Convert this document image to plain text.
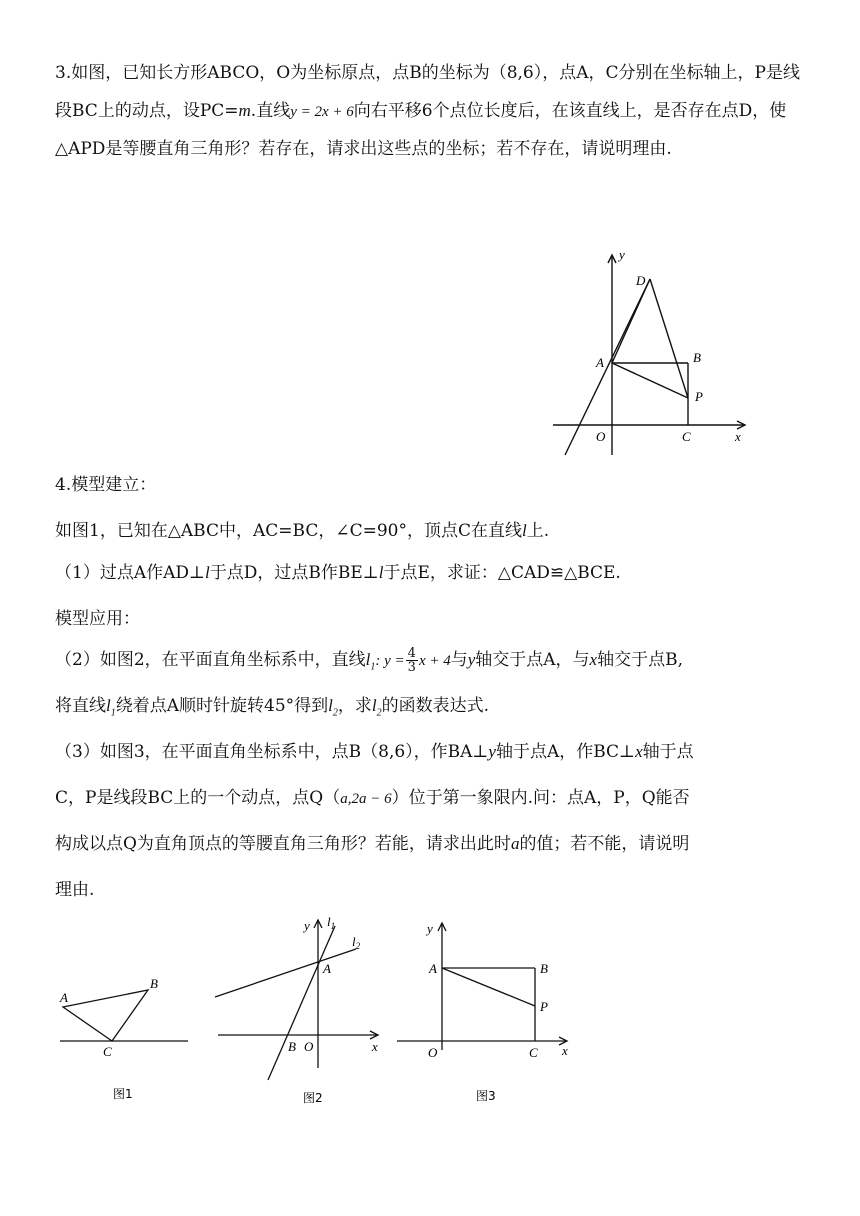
3.如图，已知长方形ABCO，O为坐标原点，点B的坐标为（8,6），点A，C分别在坐标轴上，P是线段BC上的动点，设PC=m.直线y = 2x + 6向右平移6个点位长度后，在该直线上，是否存在点D，使△APD是等腰直角三角形？若存在，请求出这些点的坐标；若不存在，请说明理由.

y
D
A	B
P
O	C	x
4.模型建立：
如图1，已知在△ABC中，AC=BC，∠C=90°，顶点C在直线l上.
（1）过点A作AD⊥l于点D，过点B作BE⊥l于点E，求证：△CAD≌△BCE.
模型应用：
（2）如图2，在平面直角坐标系中，直线$l_1$: $y = \frac{4}{3}$ x + 4与y轴交于点A，与x轴交于点B,
将直线$l_1$绕着点A顺时针旋转45°得到$l_2$，求$l_2$的函数表达式.
（3）如图3，在平面直角坐标系中，点B（8,6），作BA⊥y轴于点A，作BC⊥x轴于点
C，P是线段BC上的一个动点，点Q（a,2a − 6）位于第一象限内.问：点A，P，Q能否
构成以点Q为直角顶点的等腰直角三角形？若能，请求出此时a的值；若不能，请说明
理由.
A
B
C
图1
y $l_1$
$l_2$
A
B O	x
图2
y
A	B
P
O	C x
图3
